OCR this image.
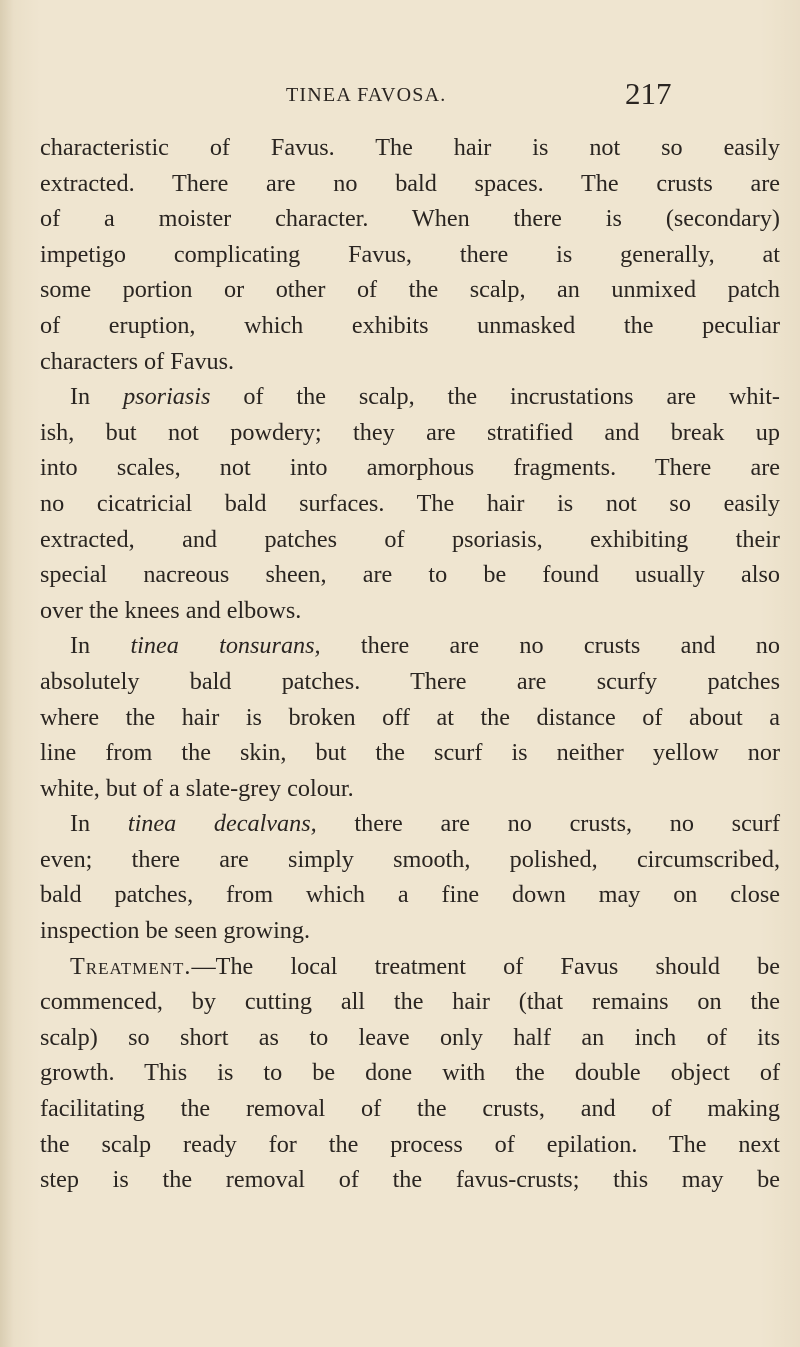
TINEA FAVOSA.	217
characteristic of Favus. The hair is not so easily
extracted. There are no bald spaces. The crusts are
of a moister character. When there is (secondary)
impetigo complicating Favus, there is generally, at
some portion or other of the scalp, an unmixed patch
of eruption, which exhibits unmasked the peculiar
characters of Favus.
In psoriasis of the scalp, the incrustations are whit-
ish, but not powdery; they are stratified and break up
into scales, not into amorphous fragments. There are
no cicatricial bald surfaces. The hair is not so easily
extracted, and patches of psoriasis, exhibiting their
special nacreous sheen, are to be found usually also
over the knees and elbows.
In tinea tonsurans, there are no crusts and no
absolutely bald patches. There are scurfy patches
where the hair is broken off at the distance of about a
line from the skin, but the scurf is neither yellow nor
white, but of a slate-grey colour.
In tinea decalvans, there are no crusts, no scurf
even; there are simply smooth, polished, circumscribed,
bald patches, from which a fine down may on close
inspection be seen growing.
Treatment.—The local treatment of Favus should be
commenced, by cutting all the hair (that remains on the
scalp) so short as to leave only half an inch of its
growth. This is to be done with the double object of
facilitating the removal of the crusts, and of making
the scalp ready for the process of epilation. The next
step is the removal of the favus-crusts; this may be
